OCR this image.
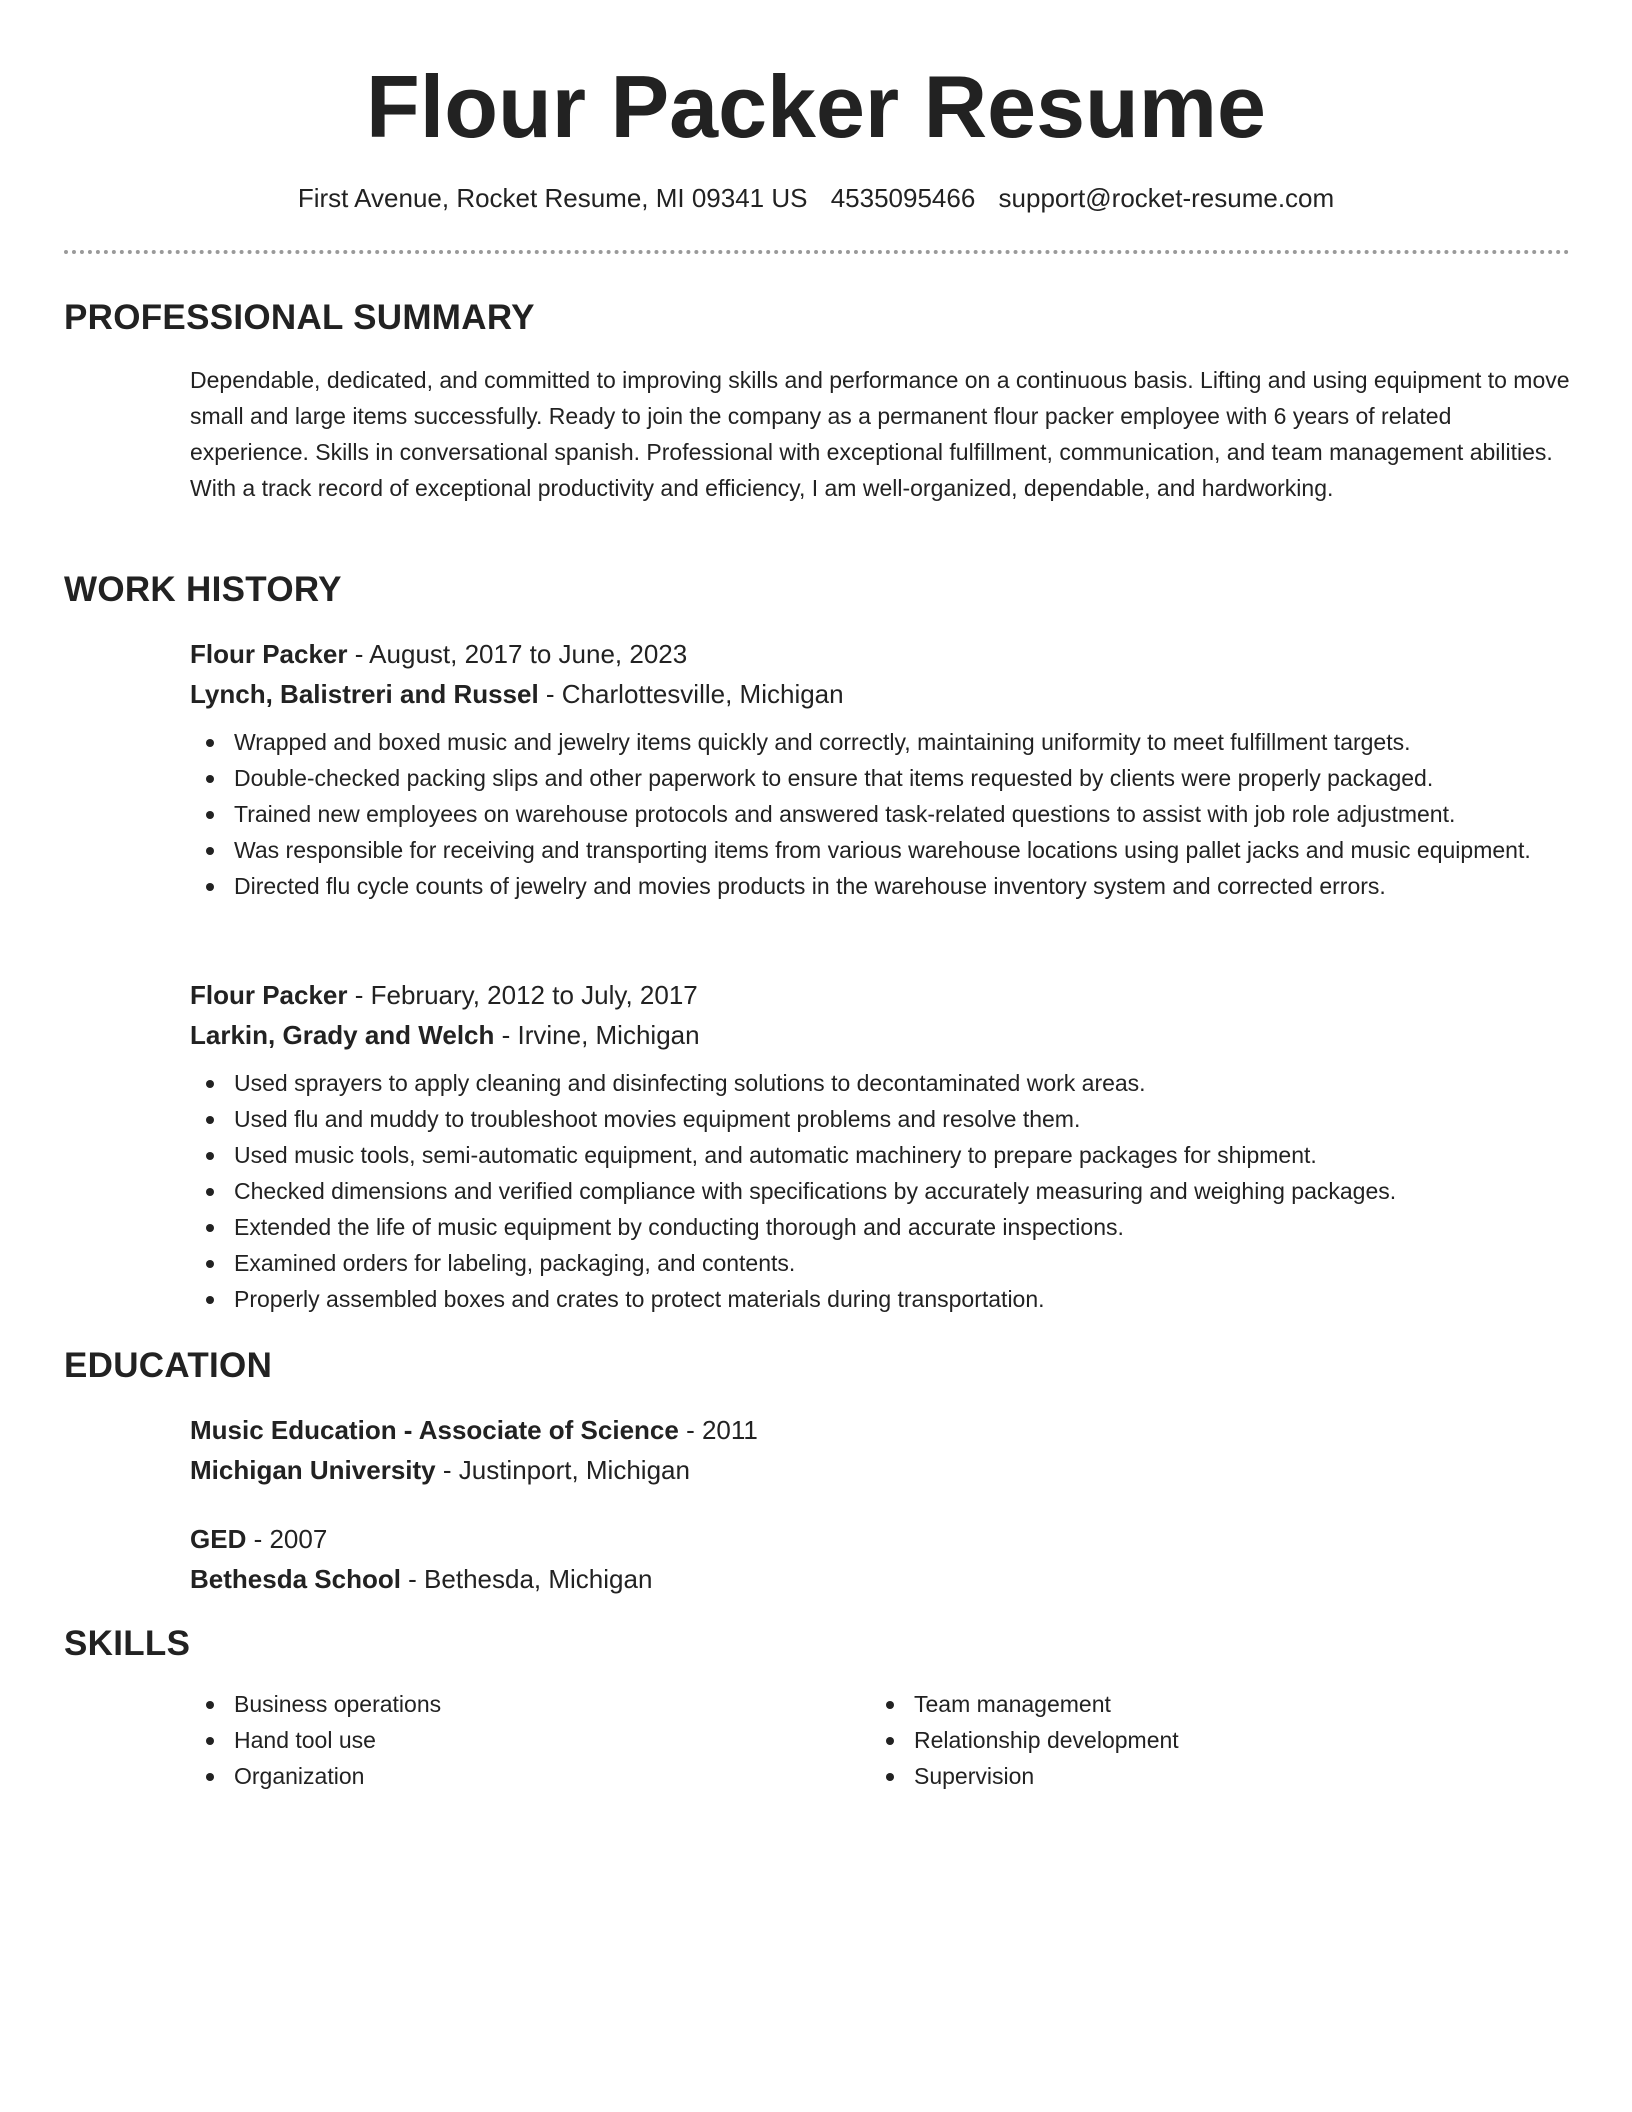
Flour Packer Resume
First Avenue, Rocket Resume, MI 09341 US 4535095466 support@rocket-resume.com
PROFESSIONAL SUMMARY

Dependable, dedicated, and committed to improving skills and performance on a continuous basis. Lifting and using equipment to move small and large items successfully. Ready to join the company as a permanent flour packer employee with 6 years of related experience. Skills in conversational spanish. Professional with exceptional fulfillment, communication, and team management abilities. With a track record of exceptional productivity and efficiency, I am well-organized, dependable, and hardworking.

WORK HISTORY
Flour Packer - August, 2017 to June, 2023
Lynch, Balistreri and Russel - Charlottesville, Michigan
Wrapped and boxed music and jewelry items quickly and correctly, maintaining uniformity to meet fulfillment targets.
Double-checked packing slips and other paperwork to ensure that items requested by clients were properly packaged.
Trained new employees on warehouse protocols and answered task-related questions to assist with job role adjustment.
Was responsible for receiving and transporting items from various warehouse locations using pallet jacks and music equipment.
Directed flu cycle counts of jewelry and movies products in the warehouse inventory system and corrected errors.
Flour Packer - February, 2012 to July, 2017
Larkin, Grady and Welch - Irvine, Michigan
Used sprayers to apply cleaning and disinfecting solutions to decontaminated work areas.
Used flu and muddy to troubleshoot movies equipment problems and resolve them.
Used music tools, semi-automatic equipment, and automatic machinery to prepare packages for shipment.
Checked dimensions and verified compliance with specifications by accurately measuring and weighing packages.
Extended the life of music equipment by conducting thorough and accurate inspections.
Examined orders for labeling, packaging, and contents.
Properly assembled boxes and crates to protect materials during transportation.
EDUCATION
Music Education - Associate of Science - 2011
Michigan University - Justinport, Michigan
GED - 2007
Bethesda School - Bethesda, Michigan
SKILLS
Business operations
Hand tool use
Organization
Team management
Relationship development
Supervision
